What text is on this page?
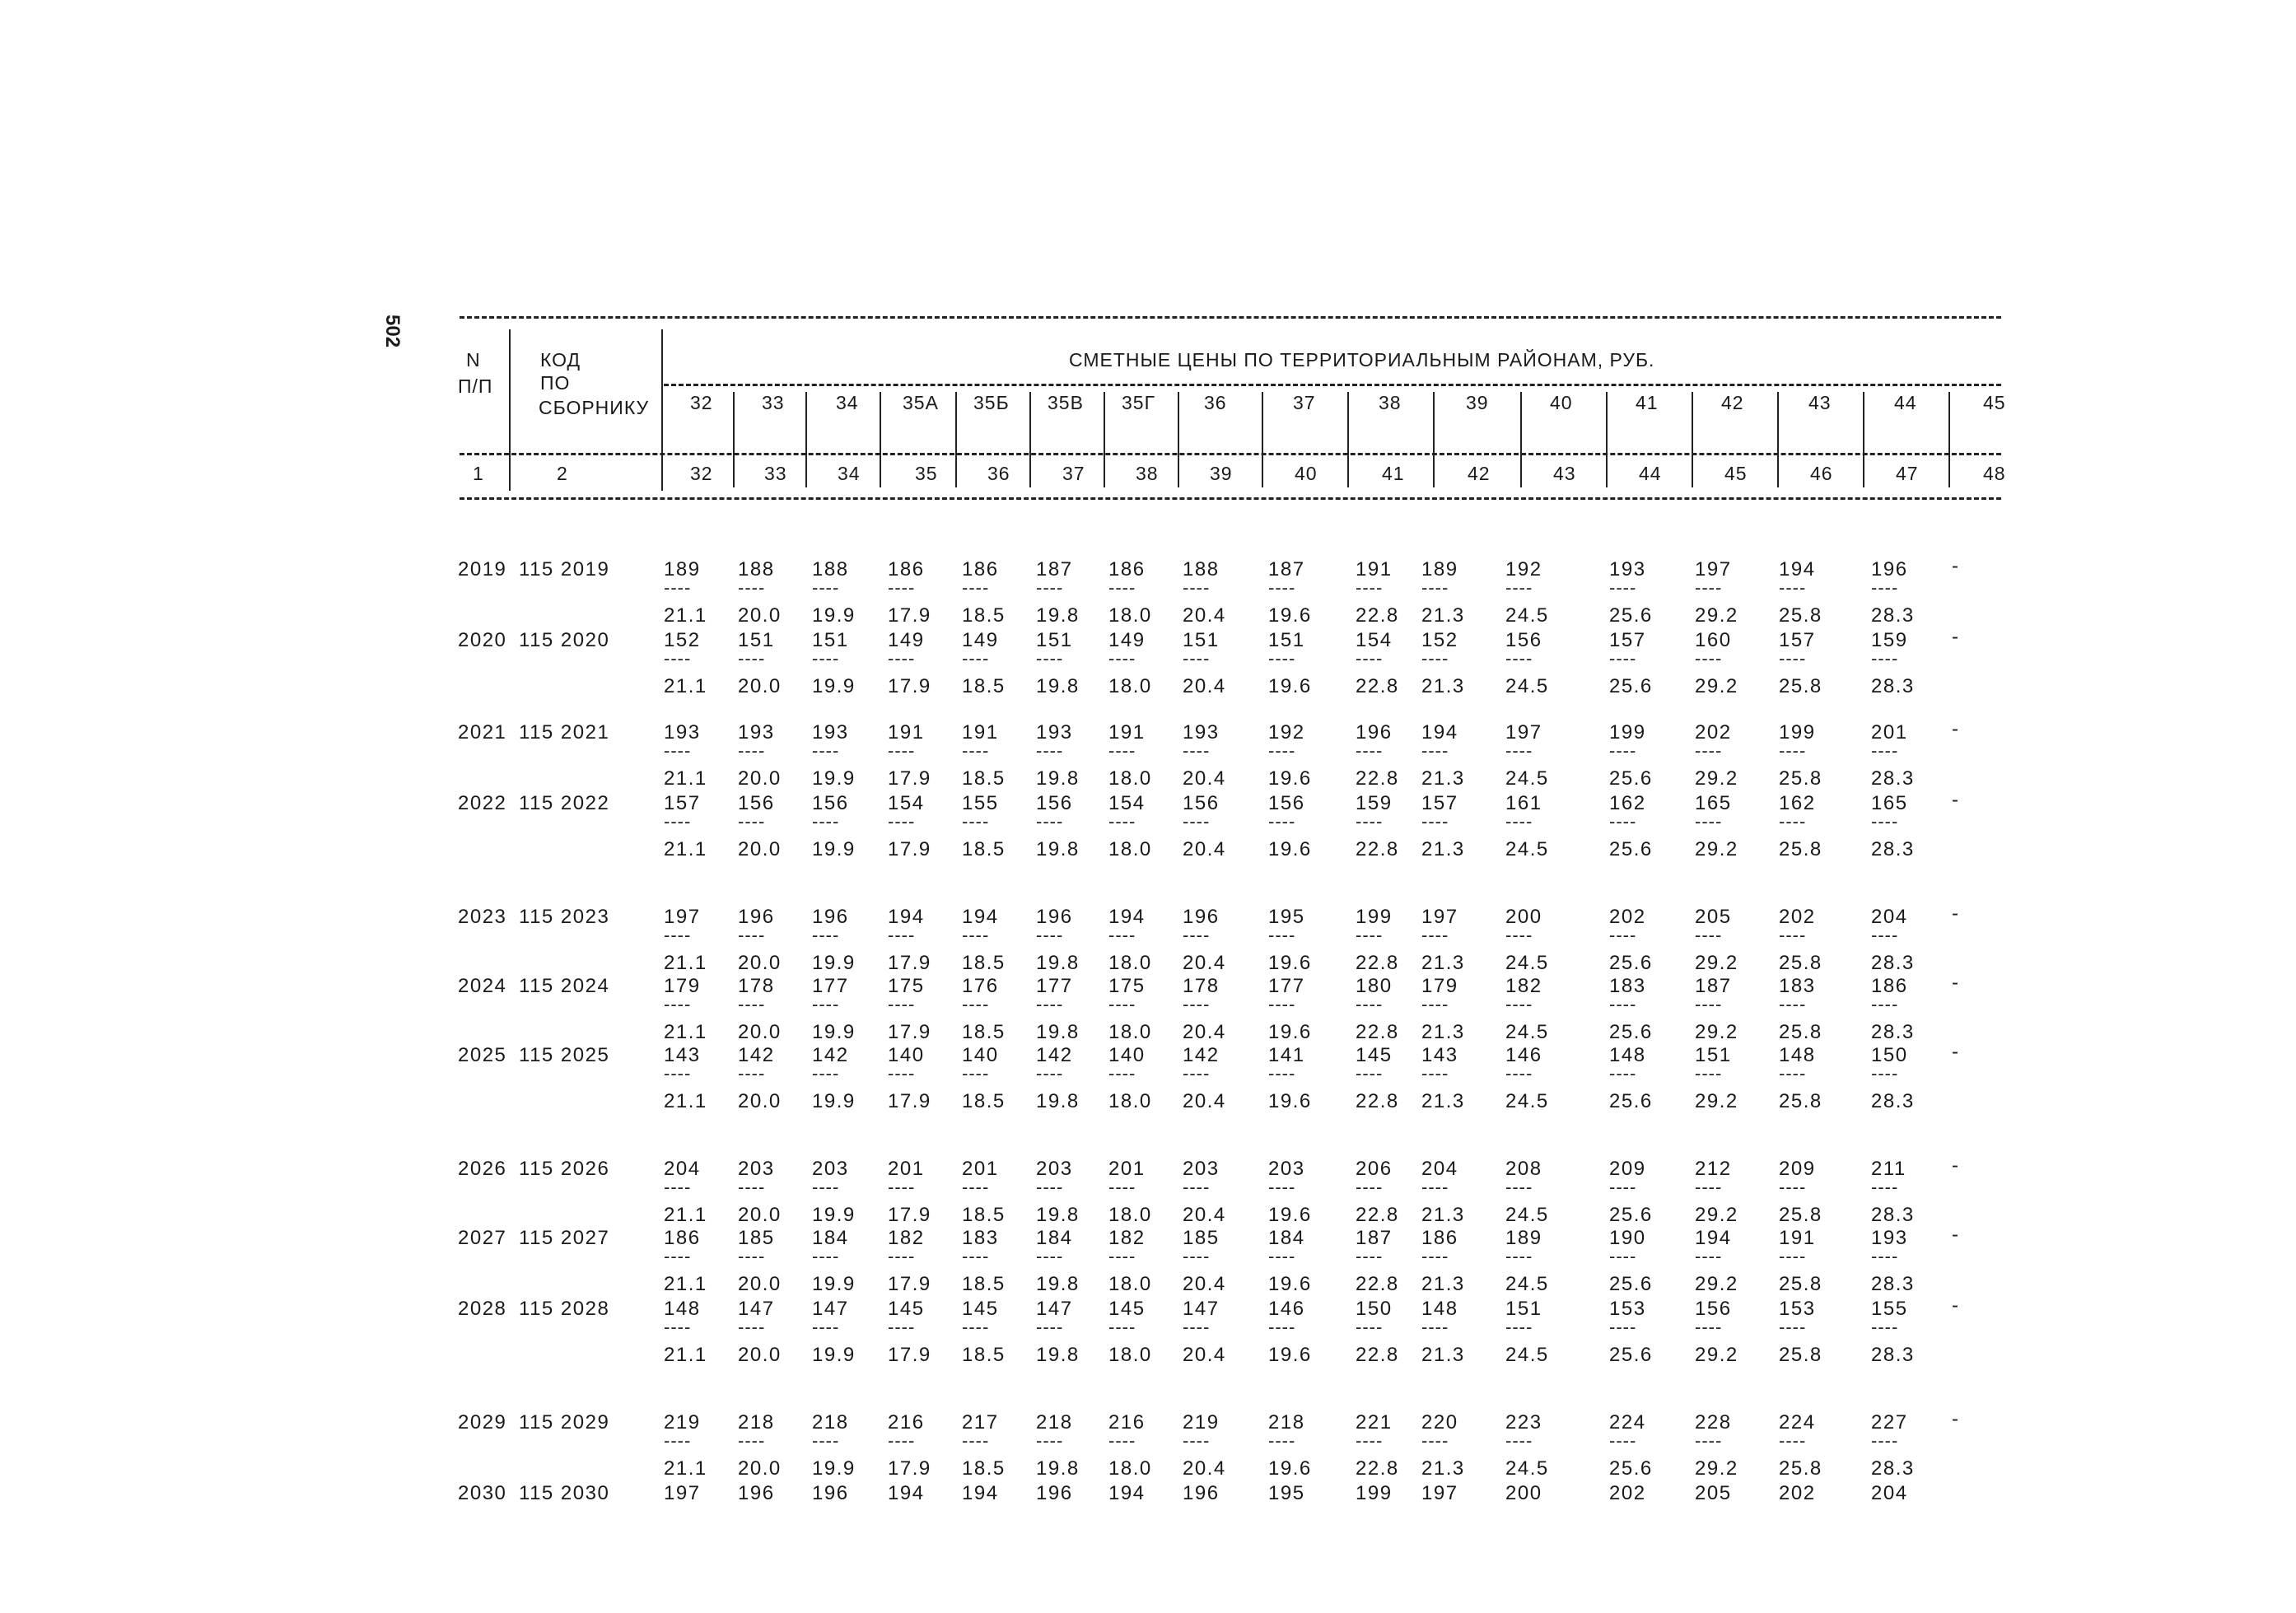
502
N
П/П
КОД
ПО
СБОРНИКУ
СМЕТНЫЕ ЦЕНЫ ПО ТЕРРИТОРИАЛЬНЫМ РАЙОНАМ, РУБ.
32	33	34 35А 35Б 35В 35Г	36	37	38	39	40	41	42	43	44	45
1	2	32	33	34	35	36	37	38	39	40	41	42	43	44	45	46	47	48
2019 115 2019	189 188 188 186 186 187 186 188 187	191 189 192	193 197 194	196
----	----	----	----	----	---- ----	----	----	---- ----	----	----	----	----	----
21.1 20.0 19.9 17.9 18.5 19.8 18.0 20.4 19.6 22.8 21.3 24.5	25.6 29.2 25.8 28.3
-
2020 115 2020	152 151 151 149 149 151 149 151 151	154 152 156	157 160 157	159
----	----	----	----	----	---- ----	----	----	---- ----	----	----	----	----	----
21.1 20.0 19.9 17.9 18.5 19.8 18.0 20.4 19.6 22.8 21.3 24.5	25.6 29.2 25.8 28.3
-
2021 115 2021	193 193 193 191 191 193 191 193 192	196 194 197	199 202 199	201
----	----	----	----	----	---- ----	----	----	---- ----	----	----	----	----	----
21.1 20.0 19.9 17.9 18.5 19.8 18.0 20.4 19.6 22.8 21.3 24.5	25.6 29.2 25.8 28.3
-
2022 115 2022	157 156 156 154 155 156 154 156 156	159 157 161	162 165 162	165
----	----	----	----	----	---- ----	----	----	---- ----	----	----	----	----	----
21.1 20.0 19.9 17.9 18.5 19.8 18.0 20.4 19.6 22.8 21.3 24.5	25.6 29.2 25.8 28.3
-
2023 115 2023	197 196 196 194 194 196 194 196 195	199 197 200	202 205 202	204
----	----	----	----	----	---- ----	----	----	---- ----	----	----	----	----	----
21.1 20.0 19.9 17.9 18.5 19.8 18.0 20.4 19.6 22.8 21.3 24.5	25.6 29.2 25.8 28.3
-
2024 115 2024	179 178 177 175 176 177 175 178 177	180 179 182	183 187 183	186
----	----	----	----	----	---- ----	----	----	---- ----	----	----	----	----	----
21.1 20.0 19.9 17.9 18.5 19.8 18.0 20.4 19.6 22.8 21.3 24.5	25.6 29.2 25.8 28.3
-
2025 115 2025	143 142 142 140 140 142 140 142 141	145 143 146	148 151 148	150
----	----	----	----	----	---- ----	----	----	---- ----	----	----	----	----	----
21.1 20.0 19.9 17.9 18.5 19.8 18.0 20.4 19.6 22.8 21.3 24.5	25.6 29.2 25.8 28.3
-
2026 115 2026	204 203 203 201 201 203 201 203 203	206 204 208	209 212 209	211
----	----	----	----	----	---- ----	----	----	---- ----	----	----	----	----	----
21.1 20.0 19.9 17.9 18.5 19.8 18.0 20.4 19.6 22.8 21.3 24.5	25.6 29.2 25.8 28.3
-
2027 115 2027	186 185 184 182 183 184 182 185 184	187 186 189	190 194 191	193
----	----	----	----	----	---- ----	----	----	---- ----	----	----	----	----	----
21.1 20.0 19.9 17.9 18.5 19.8 18.0 20.4 19.6 22.8 21.3 24.5	25.6 29.2 25.8 28.3
-
2028 115 2028	148 147 147 145 145 147 145 147 146	150 148 151	153 156 153	155
----	----	----	----	----	---- ----	----	----	---- ----	----	----	----	----	----
21.1 20.0 19.9 17.9 18.5 19.8 18.0 20.4 19.6 22.8 21.3 24.5	25.6 29.2 25.8 28.3
-
2029 115 2029	219 218 218 216 217 218 216 219 218	221 220 223	224 228 224	227
----	----	----	----	----	---- ----	----	----	---- ----	----	----	----	----	----
21.1 20.0 19.9 17.9 18.5 19.8 18.0 20.4 19.6 22.8 21.3 24.5	25.6 29.2 25.8 28.3
-
2030 115 2030	197 196 196 194 194 196 194 196 195	199 197 200	202 205 202	204
